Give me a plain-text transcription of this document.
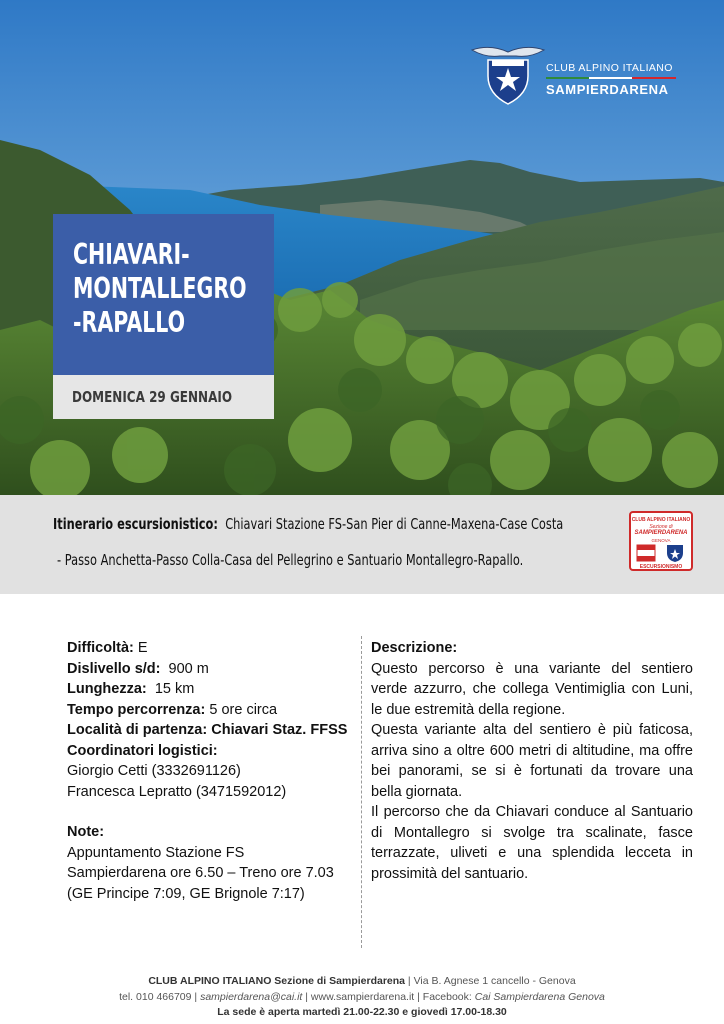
CLUB ALPINO ITALIANO
SAMPIERDARENA
CHIAVARI-
MONTALLEGRO
-RAPALLO
DOMENICA 29 GENNAIO
Itinerario escursionistico: Chiavari Stazione FS-San Pier di Canne-Maxena-Case Costa
- Passo Anchetta-Passo Colla-Casa del Pellegrino e Santuario Montallegro-Rapallo.
CLUB ALPINO ITALIANO
Sezione di
SAMPIERDARENA
GENOVA
ESCURSIONISMO
Difficoltà: E
Dislivello s/d: 900 m
Lunghezza: 15 km
Tempo percorrenza: 5 ore circa
Località di partenza: Chiavari Staz. FFSS
Coordinatori logistici:
Giorgio Cetti (3332691126)
Francesca Lepratto (3471592012)
Note:
Appuntamento Stazione FS Sampierdarena ore 6.50 – Treno ore 7.03 (GE Principe 7:09, GE Brignole 7:17)
Descrizione:

Questo percorso è una variante del sentiero verde azzurro, che collega Ventimiglia con Luni, le due estremità della regione.

Questa variante alta del sentiero è più faticosa, arriva sino a oltre 600 metri di altitudine, ma offre bei panorami, se si è fortunati da trovare una bella giornata.

Il percorso che da Chiavari conduce al Santuario di Montallegro si svolge tra scalinate, fasce terrazzate, uliveti e una splendida lecceta in prossimità del santuario.

CLUB ALPINO ITALIANO Sezione di Sampierdarena | Via B. Agnese 1 cancello - Genova
tel. 010 466709 | sampierdarena@cai.it | www.sampierdarena.it | Facebook: Cai Sampierdarena Genova
La sede è aperta martedì 21.00-22.30 e giovedì 17.00-18.30
